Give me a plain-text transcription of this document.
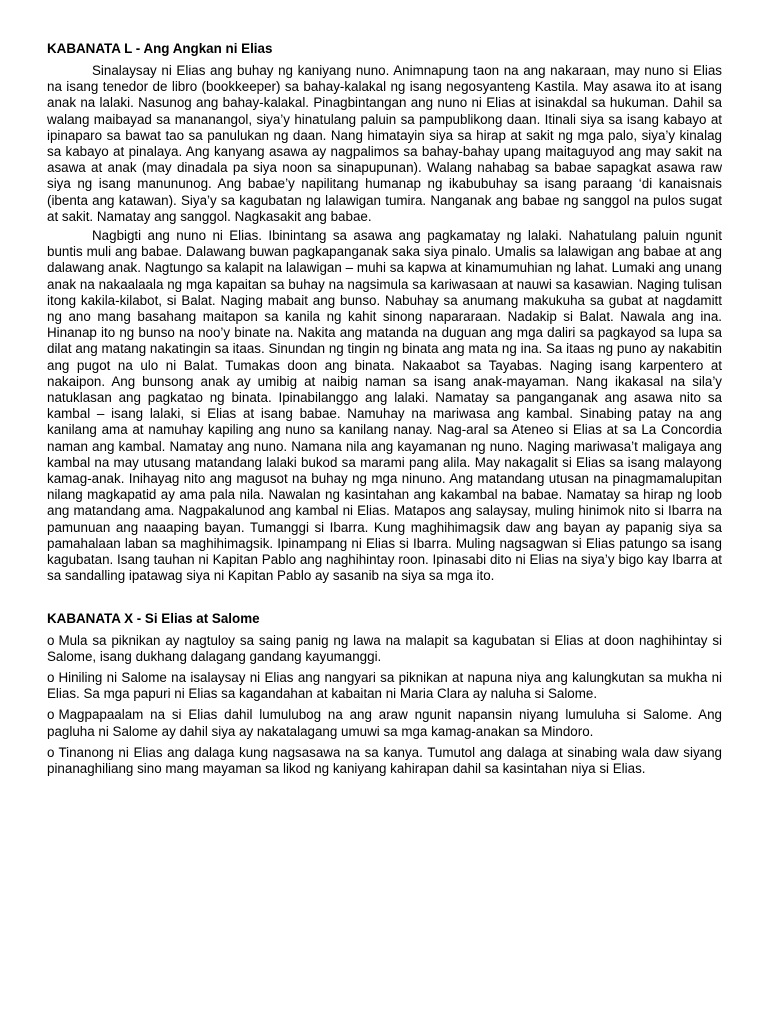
KABANATA L - Ang Angkan ni Elias

Sinalaysay ni Elias ang buhay ng kaniyang nuno. Animnapung taon na ang nakaraan, may nuno si Elias na isang tenedor de libro (bookkeeper) sa bahay-kalakal ng isang negosyanteng Kastila. May asawa ito at isang anak na lalaki. Nasunog ang bahay-kalakal. Pinagbintangan ang nuno ni Elias at isinakdal sa hukuman. Dahil sa walang maibayad sa mananangol, siya’y hinatulang paluin sa pampublikong daan. Itinali siya sa isang kabayo at ipinaparo sa bawat tao sa panulukan ng daan. Nang himatayin siya sa hirap at sakit ng mga palo, siya’y kinalag sa kabayo at pinalaya. Ang kanyang asawa ay nagpalimos sa bahay-bahay upang maitaguyod ang may sakit na asawa at anak (may dinadala pa siya noon sa sinapupunan). Walang nahabag sa babae sapagkat asawa raw siya ng isang manununog. Ang babae’y napilitang humanap ng ikabubuhay sa isang paraang ‘di kanaisnais (ibenta ang katawan). Siya’y sa kagubatan ng lalawigan tumira. Nanganak ang babae ng sanggol na pulos sugat at sakit. Namatay ang sanggol. Nagkasakit ang babae.

Nagbigti ang nuno ni Elias. Ibinintang sa asawa ang pagkamatay ng lalaki. Nahatulang paluin ngunit buntis muli ang babae. Dalawang buwan pagkapanganak saka siya pinalo. Umalis sa lalawigan ang babae at ang dalawang anak. Nagtungo sa kalapit na lalawigan – muhi sa kapwa at kinamumuhian ng lahat. Lumaki ang unang anak na nakaalaala ng mga kapaitan sa buhay na nagsimula sa kariwasaan at nauwi sa kasawian. Naging tulisan itong kakila-kilabot, si Balat. Naging mabait ang bunso. Nabuhay sa anumang makukuha sa gubat at nagdamitt ng ano mang basahang maitapon sa kanila ng kahit sinong napararaan. Nadakip si Balat. Nawala ang ina. Hinanap ito ng bunso na noo’y binate na. Nakita ang matanda na duguan ang mga daliri sa pagkayod sa lupa sa dilat ang matang nakatingin sa itaas. Sinundan ng tingin ng binata ang mata ng ina. Sa itaas ng puno ay nakabitin ang pugot na ulo ni Balat. Tumakas doon ang binata. Nakaabot sa Tayabas. Naging isang karpentero at nakaipon. Ang bunsong anak ay umibig at naibig naman sa isang anak-mayaman. Nang ikakasal na sila’y natuklasan ang pagkatao ng binata. Ipinabilanggo ang lalaki. Namatay sa panganganak ang asawa nito sa kambal – isang lalaki, si Elias at isang babae. Namuhay na mariwasa ang kambal. Sinabing patay na ang kanilang ama at namuhay kapiling ang nuno sa kanilang nanay. Nag-aral sa Ateneo si Elias at sa La Concordia naman ang kambal. Namatay ang nuno. Namana nila ang kayamanan ng nuno. Naging mariwasa’t maligaya ang kambal na may utusang matandang lalaki bukod sa marami pang alila. May nakagalit si Elias sa isang malayong kamag-anak. Inihayag nito ang magusot na buhay ng mga ninuno. Ang matandang utusan na pinagmamalupitan nilang magkapatid ay ama pala nila. Nawalan ng kasintahan ang kakambal na babae. Namatay sa hirap ng loob ang matandang ama. Nagpakalunod ang kambal ni Elias. Matapos ang salaysay, muling hinimok nito si Ibarra na pamunuan ang naaaping bayan. Tumanggi si Ibarra. Kung maghihimagsik daw ang bayan ay papanig siya sa pamahalaan laban sa maghihimagsik. Ipinampang ni Elias si Ibarra. Muling nagsagwan si Elias patungo sa isang kagubatan. Isang tauhan ni Kapitan Pablo ang naghihintay roon. Ipinasabi dito ni Elias na siya’y bigo kay Ibarra at sa sandalling ipatawag siya ni Kapitan Pablo ay sasanib na siya sa mga ito.

KABANATA X - Si Elias at Salome

o Mula sa piknikan ay nagtuloy sa saing panig ng lawa na malapit sa kagubatan si Elias at doon naghihintay si Salome, isang dukhang dalagang gandang kayumanggi.

o Hiniling ni Salome na isalaysay ni Elias ang nangyari sa piknikan at napuna niya ang kalungkutan sa mukha ni Elias. Sa mga papuri ni Elias sa kagandahan at kabaitan ni Maria Clara ay naluha si Salome.

o Magpapaalam na si Elias dahil lumulubog na ang araw ngunit napansin niyang lumuluha si Salome. Ang pagluha ni Salome ay dahil siya ay nakatalagang umuwi sa mga kamag-anakan sa Mindoro.

o Tinanong ni Elias ang dalaga kung nagsasawa na sa kanya. Tumutol ang dalaga at sinabing wala daw siyang pinanaghiliang sino mang mayaman sa likod ng kaniyang kahirapan dahil sa kasintahan niya si Elias.
